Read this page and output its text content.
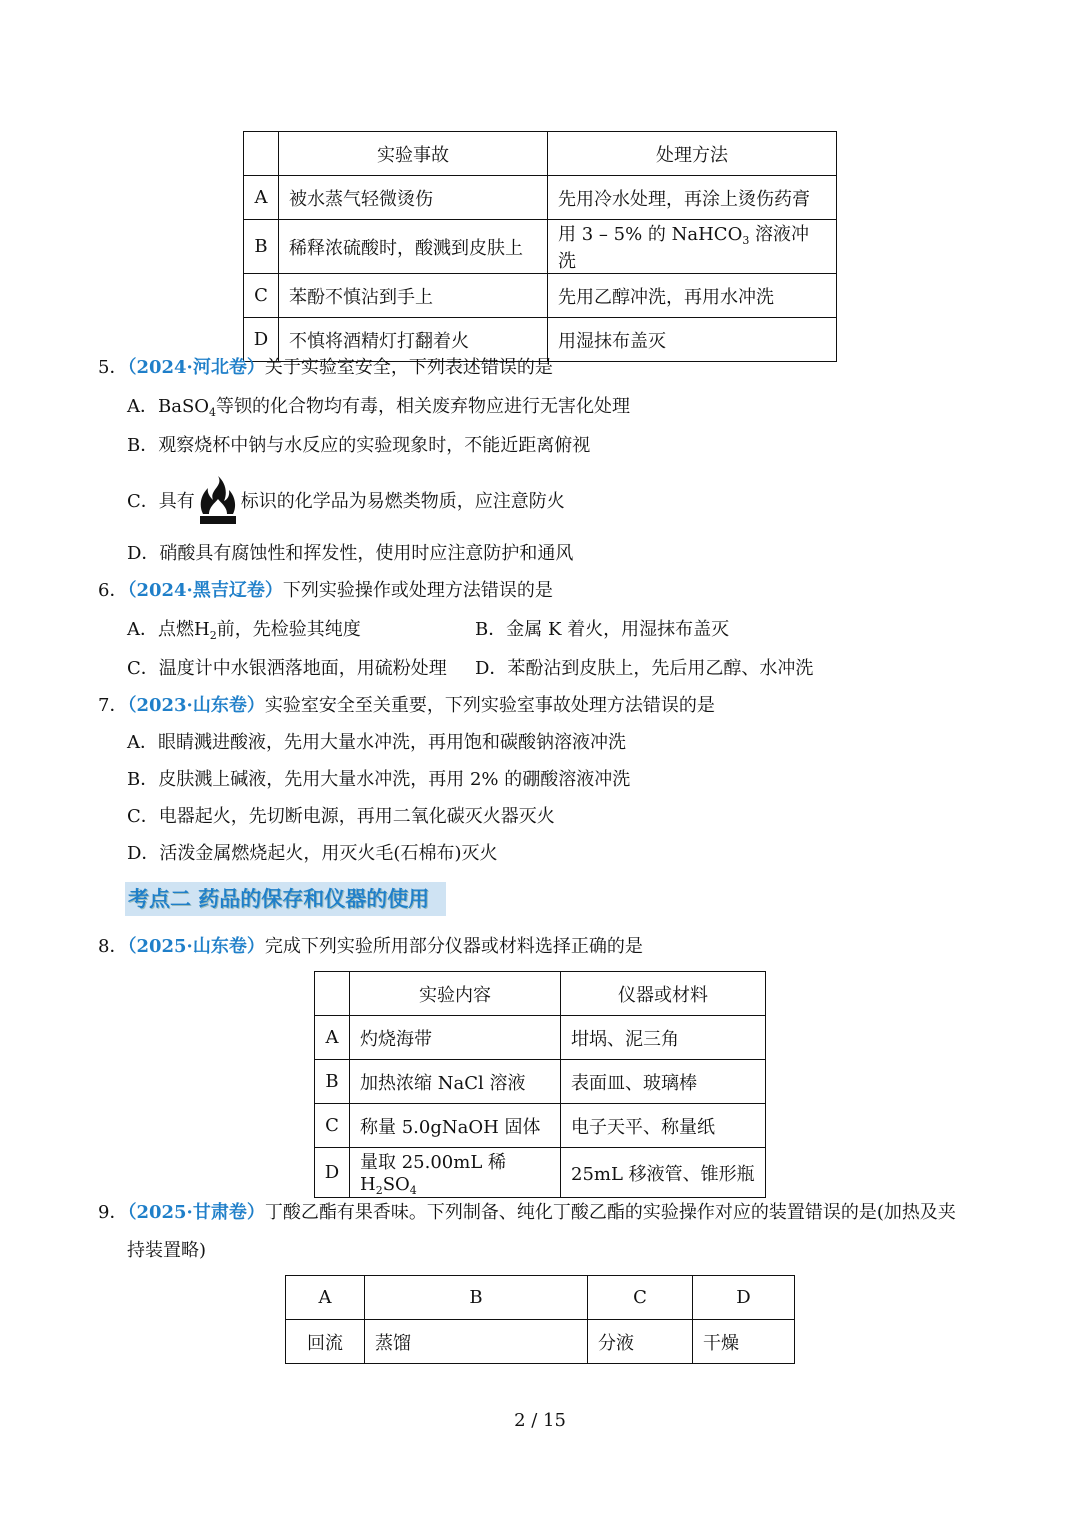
	实验事故	处理方法
A	被水蒸气轻微烫伤	先用冷水处理，再涂上烫伤药膏
B	稀释浓硫酸时，酸溅到皮肤上	用 3 – 5% 的 NaHCO$_3$ 溶液冲洗
C	苯酚不慎沾到手上	先用乙醇冲洗，再用水冲洗
D	不慎将酒精灯打翻着火	用湿抹布盖灭
5．（2024·河北卷）关于实验室安全，下列表述错误的是
A．BaSO$_4$等钡的化合物均有毒，相关废弃物应进行无害化处理
B．观察烧杯中钠与水反应的实验现象时，不能近距离俯视
C．具有	标识的化学品为易燃类物质，应注意防火
D．硝酸具有腐蚀性和挥发性，使用时应注意防护和通风
6．（2024·黑吉辽卷）下列实验操作或处理方法错误的是
A．点燃$H_2$前，先检验其纯度	B．金属 K 着火，用湿抹布盖灭
C．温度计中水银洒落地面，用硫粉处理 D．苯酚沾到皮肤上，先后用乙醇、水冲洗
7．（2023·山东卷）实验室安全至关重要，下列实验室事故处理方法错误的是
A．眼睛溅进酸液，先用大量水冲洗，再用饱和碳酸钠溶液冲洗
B．皮肤溅上碱液，先用大量水冲洗，再用 2% 的硼酸溶液冲洗
C．电器起火，先切断电源，再用二氧化碳灭火器灭火
D．活泼金属燃烧起火，用灭火毛(石棉布)灭火
考点二 药品的保存和仪器的使用
8．（2025·山东卷）完成下列实验所用部分仪器或材料选择正确的是
	实验内容	仪器或材料
A	灼烧海带	坩埚、泥三角
B	加热浓缩 NaCl 溶液	表面皿、玻璃棒
C	称量 5.0gNaOH 固体	电子天平、称量纸
D	量取 25.00mL 稀 $H_2SO_4$	25mL 移液管、锥形瓶
9．（2025·甘肃卷）丁酸乙酯有果香味。下列制备、纯化丁酸乙酯的实验操作对应的装置错误的是(加热及夹
持装置略)
A	B	C	D
回流	蒸馏	分液	干燥
2 / 15
